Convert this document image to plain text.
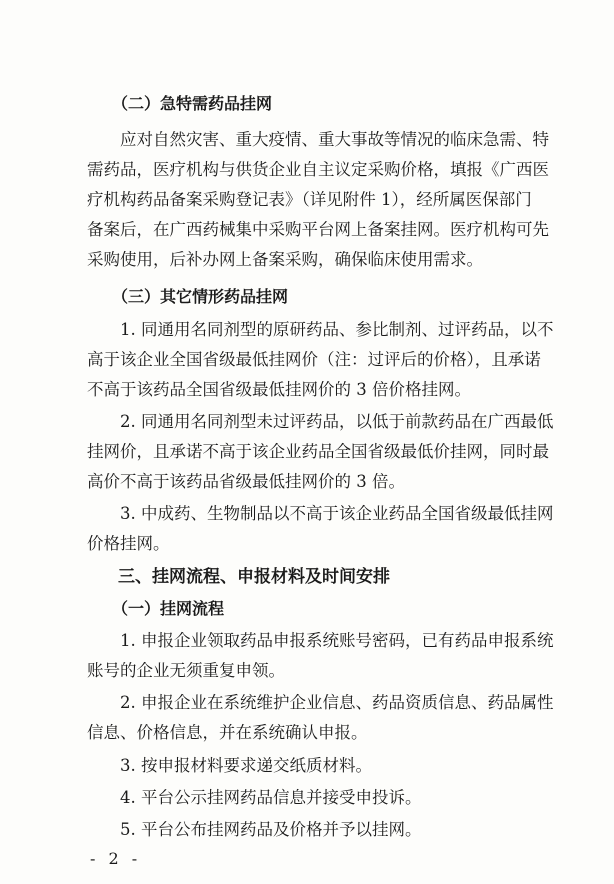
（二）急特需药品挂网
应对自然灾害、重大疫情、重大事故等情况的临床急需、特
需药品，医疗机构与供货企业自主议定采购价格，填报《广西医
疗机构药品备案采购登记表》（详见附件 1），经所属医保部门
备案后，在广西药械集中采购平台网上备案挂网。医疗机构可先
采购使用，后补办网上备案采购，确保临床使用需求。
（三）其它情形药品挂网
1. 同通用名同剂型的原研药品、参比制剂、过评药品，以不
高于该企业全国省级最低挂网价（注：过评后的价格），且承诺
不高于该药品全国省级最低挂网价的 3 倍价格挂网。
2. 同通用名同剂型未过评药品，以低于前款药品在广西最低
挂网价，且承诺不高于该企业药品全国省级最低价挂网，同时最
高价不高于该药品省级最低挂网价的 3 倍。
3. 中成药、生物制品以不高于该企业药品全国省级最低挂网
价格挂网。
三、挂网流程、申报材料及时间安排
（一）挂网流程
1. 申报企业领取药品申报系统账号密码，已有药品申报系统
账号的企业无须重复申领。
2. 申报企业在系统维护企业信息、药品资质信息、药品属性
信息、价格信息，并在系统确认申报。
- 2 -
3. 按申报材料要求递交纸质材料。
4. 平台公示挂网药品信息并接受申投诉。
5. 平台公布挂网药品及价格并予以挂网。
